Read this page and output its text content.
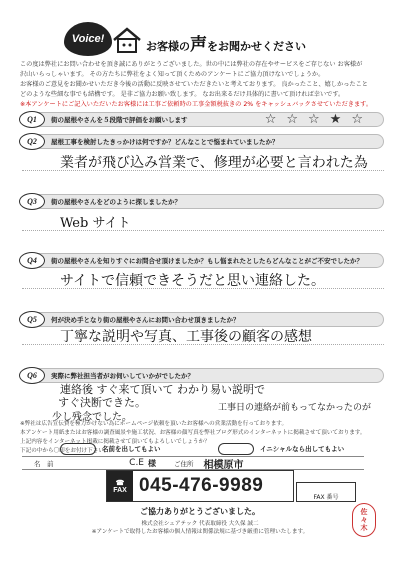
Voice!
お客様の声をお聞かせください
この度は弊社にお問い合わせを頂き誠にありがとうございました。世の中には弊社の存在やサービスをご存じない お客様が
沢山いらっしゃいます。 その方たちに弊社をよく知って頂くためのアンケートにご協力頂けないでしょうか。
お客様のご意見をお聞かせいただき今後の活動に反映させていただきたいと考えております。 良かったこと、嬉しかったこと
どのような些細な事でも結構です。 是非ご協力お願い致します。 なお出来るだけ具体的に書いて頂ければ幸いです。
※本アンケートにご記入いただいたお客様には工事ご依頼時の工事金額税抜きの 2% をキャッシュバックさせていただきます。
Q1	街の屋根やさんを５段階で評価をお願いします	☆☆☆★☆
Q2	屋根工事を検討したきっかけは何ですか？どんなことで悩まれていましたか？
業者が飛び込み営業で、修理が必要と言われた為
Q3	街の屋根やさんをどのように探しましたか？
Web サイト
Q4	街の屋根やさんを知りすぐにお問合せ頂けましたか？もし悩まれたとしたらどんなことがご不安でしたか？
サイトで信頼できそうだと思い連絡した。
Q5	何が決め手となり街の屋根やさんにお問い合わせ頂きましたか？
丁寧な説明や写真、工事後の顧客の感想
Q6	実際に弊社担当者がお伺いしていかがでしたか？
連絡後 すぐ来て頂いて わかり易い説明で
すぐ決断できた。	工事日の連絡が前もってなかったのが
少し残念でした。
※弊社は広告宣伝費を極力かけない為にホームページ依頼を頂いたお客様への営業活動を行っております。
本アンケート用紙またはお客様の調査風景や施工状況、お客様の顔写真を弊社ブログ形式のインターネットに掲載させて頂いております。
上記内容をインターネット掲載に掲載させて頂いてもよろしいでしょうか？
下記の中から〇印をお付け下さい。
名前を出してもよい	イニシャルなら出してもよい
名　前	C.E 様	ご住所 相模原市
☎
FAX 045-476-9989
FAX 番号
ご協力ありがとうございました。
株式会社シェアテック 代表取締役 大久保 誠二
※アンケートで取得したお客様の個人情報は関係法規に基づき厳重に管理いたします。	佐々木
